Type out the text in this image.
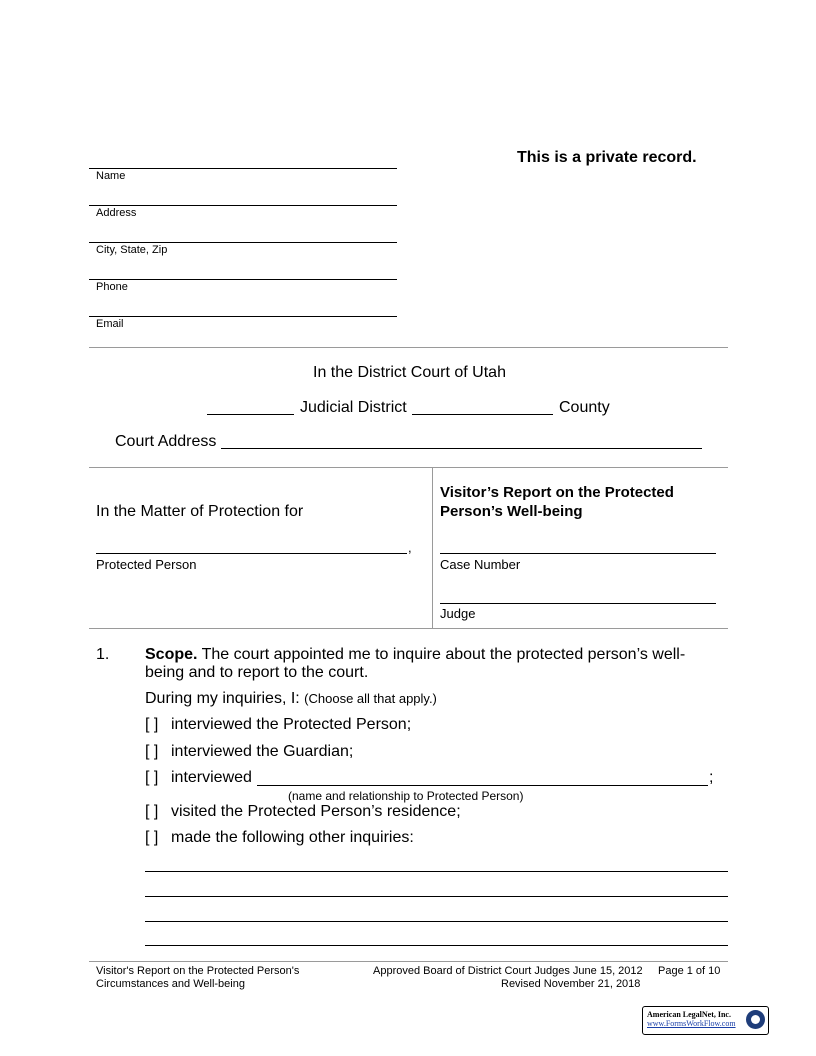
This is a private record.
Name
Address
City, State, Zip
Phone
Email
In the District Court of Utah
Judicial District	County
Court Address
In the Matter of Protection for
,
Protected Person
Visitor’s Report on the Protected
Person’s Well-being
Case Number
Judge
1. Scope. The court appointed me to inquire about the protected person’s well-
being and to report to the court.
During my inquiries, I: (Choose all that apply.)
[ ] interviewed the Protected Person;
[ ] interviewed the Guardian;
[ ] interviewed	;
(name and relationship to Protected Person)
[ ] visited the Protected Person’s residence;
[ ] made the following other inquiries:
Visitor's Report on the Protected Person's
Circumstances and Well-being
Approved Board of District Court Judges June 15, 2012
Revised November 21, 2018
Page 1 of 10
American LegalNet, Inc.
www.FormsWorkFlow.com
